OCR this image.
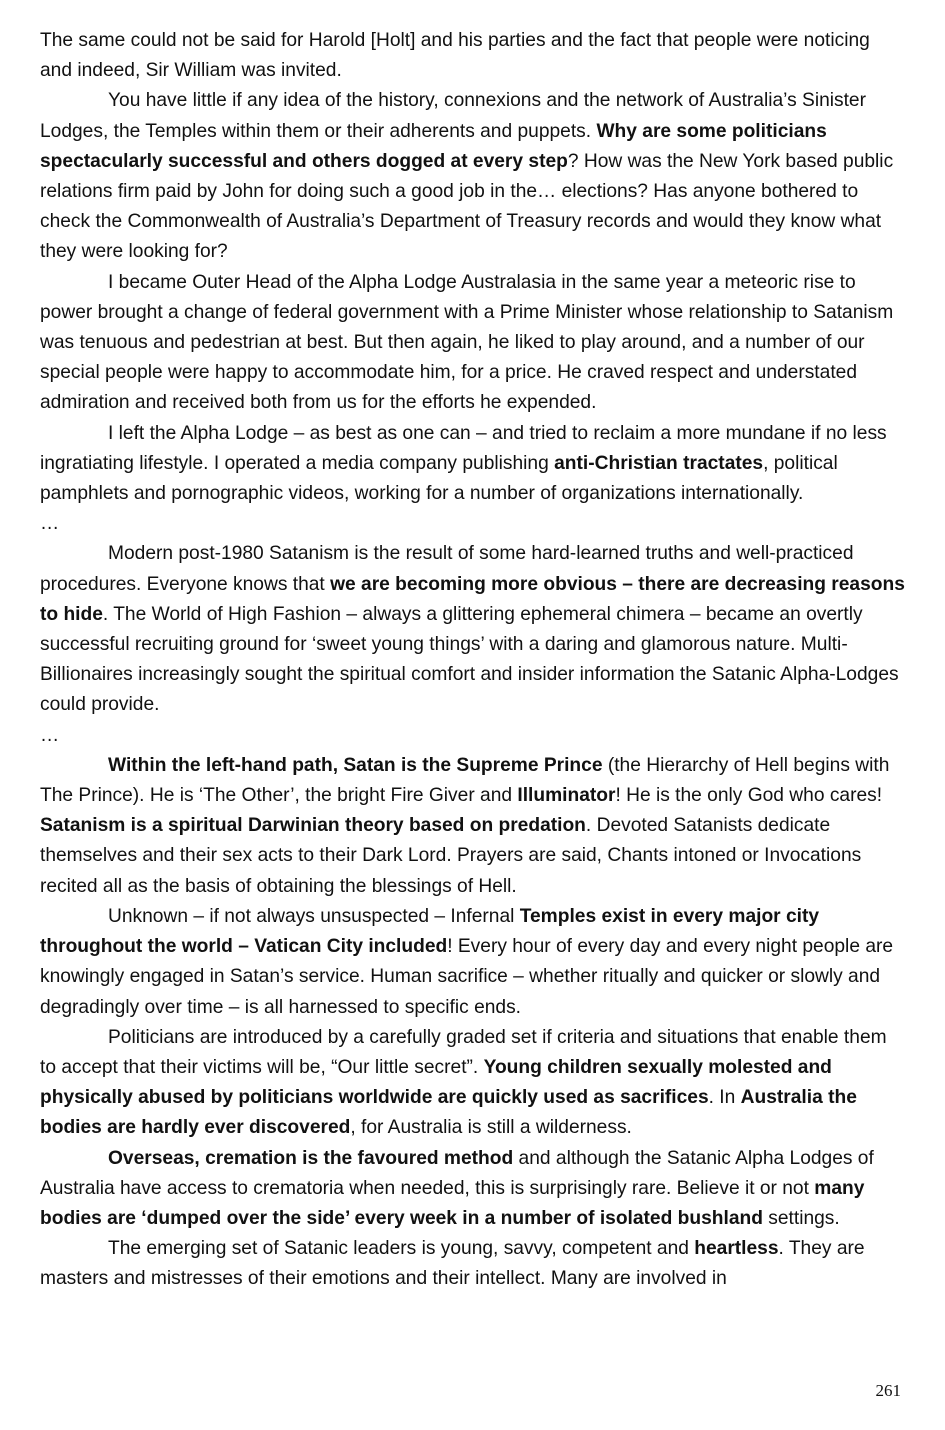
The same could not be said for Harold [Holt] and his parties and the fact that people were noticing and indeed, Sir William was invited.

You have little if any idea of the history, connexions and the network of Australia’s Sinister Lodges, the Temples within them or their adherents and puppets. Why are some politicians spectacularly successful and others dogged at every step? How was the New York based public relations firm paid by John for doing such a good job in the… elections? Has anyone bothered to check the Commonwealth of Australia’s Department of Treasury records and would they know what they were looking for?

I became Outer Head of the Alpha Lodge Australasia in the same year a meteoric rise to power brought a change of federal government with a Prime Minister whose relationship to Satanism was tenuous and pedestrian at best. But then again, he liked to play around, and a number of our special people were happy to accommodate him, for a price. He craved respect and understated admiration and received both from us for the efforts he expended.

I left the Alpha Lodge – as best as one can – and tried to reclaim a more mundane if no less ingratiating lifestyle. I operated a media company publishing anti-Christian tractates, political pamphlets and pornographic videos, working for a number of organizations internationally.

…

Modern post-1980 Satanism is the result of some hard-learned truths and well-practiced procedures. Everyone knows that we are becoming more obvious – there are decreasing reasons to hide. The World of High Fashion – always a glittering ephemeral chimera – became an overtly successful recruiting ground for ‘sweet young things’ with a daring and glamorous nature. Multi-Billionaires increasingly sought the spiritual comfort and insider information the Satanic Alpha-Lodges could provide.

…

Within the left-hand path, Satan is the Supreme Prince (the Hierarchy of Hell begins with The Prince). He is ‘The Other’, the bright Fire Giver and Illuminator! He is the only God who cares! Satanism is a spiritual Darwinian theory based on predation. Devoted Satanists dedicate themselves and their sex acts to their Dark Lord. Prayers are said, Chants intoned or Invocations recited all as the basis of obtaining the blessings of Hell.

Unknown – if not always unsuspected – Infernal Temples exist in every major city throughout the world – Vatican City included! Every hour of every day and every night people are knowingly engaged in Satan’s service. Human sacrifice – whether ritually and quicker or slowly and degradingly over time – is all harnessed to specific ends.

Politicians are introduced by a carefully graded set if criteria and situations that enable them to accept that their victims will be, “Our little secret”. Young children sexually molested and physically abused by politicians worldwide are quickly used as sacrifices. In Australia the bodies are hardly ever discovered, for Australia is still a wilderness.

Overseas, cremation is the favoured method and although the Satanic Alpha Lodges of Australia have access to crematoria when needed, this is surprisingly rare. Believe it or not many bodies are ‘dumped over the side’ every week in a number of isolated bushland settings.

The emerging set of Satanic leaders is young, savvy, competent and heartless. They are masters and mistresses of their emotions and their intellect. Many are involved in

261
